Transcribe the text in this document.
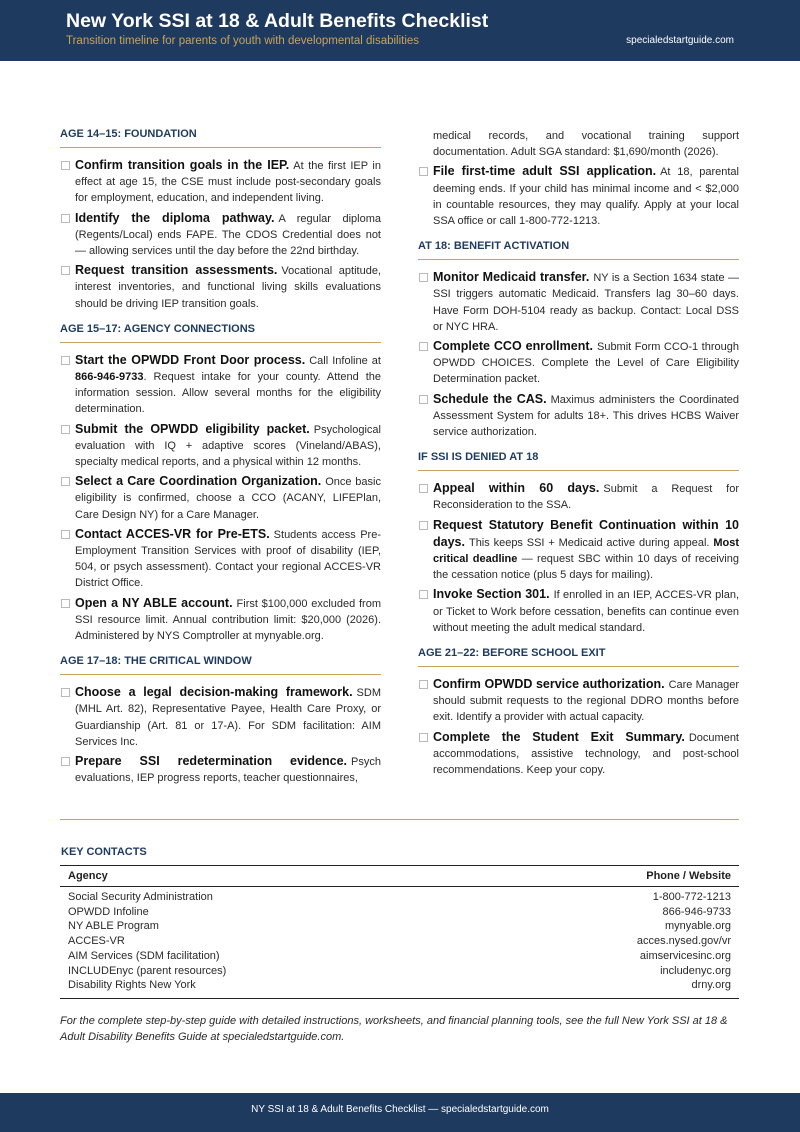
New York SSI at 18 & Adult Benefits Checklist
Transition timeline for parents of youth with developmental disabilities	specialedstartguide.com
AGE 14–15: FOUNDATION
Confirm transition goals in the IEP. At the first IEP in effect at age 15, the CSE must include post-secondary goals for employment, education, and independent living.
Identify the diploma pathway. A regular diploma (Regents/Local) ends FAPE. The CDOS Credential does not — allowing services until the day before the 22nd birthday.
Request transition assessments. Vocational aptitude, interest inventories, and functional living skills evaluations should be driving IEP transition goals.
AGE 15–17: AGENCY CONNECTIONS
Start the OPWDD Front Door process. Call Infoline at 866-946-9733. Request intake for your county. Attend the information session. Allow several months for the eligibility determination.
Submit the OPWDD eligibility packet. Psychological evaluation with IQ + adaptive scores (Vineland/ABAS), specialty medical reports, and a physical within 12 months.
Select a Care Coordination Organization. Once basic eligibility is confirmed, choose a CCO (ACANY, LIFEPlan, Care Design NY) for a Care Manager.
Contact ACCES-VR for Pre-ETS. Students access Pre-Employment Transition Services with proof of disability (IEP, 504, or psych assessment). Contact your regional ACCES-VR District Office.
Open a NY ABLE account. First $100,000 excluded from SSI resource limit. Annual contribution limit: $20,000 (2026). Administered by NYS Comptroller at mynyable.org.
AGE 17–18: THE CRITICAL WINDOW
Choose a legal decision-making framework. SDM (MHL Art. 82), Representative Payee, Health Care Proxy, or Guardianship (Art. 81 or 17-A). For SDM facilitation: AIM Services Inc.
Prepare SSI redetermination evidence. Psych evaluations, IEP progress reports, teacher questionnaires,
medical records, and vocational training support documentation. Adult SGA standard: $1,690/month (2026).
File first-time adult SSI application. At 18, parental deeming ends. If your child has minimal income and < $2,000 in countable resources, they may qualify. Apply at your local SSA office or call 1-800-772-1213.
AT 18: BENEFIT ACTIVATION
Monitor Medicaid transfer. NY is a Section 1634 state — SSI triggers automatic Medicaid. Transfers lag 30–60 days. Have Form DOH-5104 ready as backup. Contact: Local DSS or NYC HRA.
Complete CCO enrollment. Submit Form CCO-1 through OPWDD CHOICES. Complete the Level of Care Eligibility Determination packet.
Schedule the CAS. Maximus administers the Coordinated Assessment System for adults 18+. This drives HCBS Waiver service authorization.
IF SSI IS DENIED AT 18
Appeal within 60 days. Submit a Request for Reconsideration to the SSA.
Request Statutory Benefit Continuation within 10 days. This keeps SSI + Medicaid active during appeal. Most critical deadline — request SBC within 10 days of receiving the cessation notice (plus 5 days for mailing).
Invoke Section 301. If enrolled in an IEP, ACCES-VR plan, or Ticket to Work before cessation, benefits can continue even without meeting the adult medical standard.
AGE 21–22: BEFORE SCHOOL EXIT
Confirm OPWDD service authorization. Care Manager should submit requests to the regional DDRO months before exit. Identify a provider with actual capacity.
Complete the Student Exit Summary. Document accommodations, assistive technology, and post-school recommendations. Keep your copy.
KEY CONTACTS
Agency	Phone / Website
Social Security Administration	1-800-772-1213
OPWDD Infoline	866-946-9733
NY ABLE Program	mynyable.org
ACCES-VR	acces.nysed.gov/vr
AIM Services (SDM facilitation)	aimservicesinc.org
INCLUDEnyc (parent resources)	includenyc.org
Disability Rights New York	drny.org
For the complete step-by-step guide with detailed instructions, worksheets, and financial planning tools, see the full New York SSI at 18 & Adult Disability Benefits Guide at specialedstartguide.com.
NY SSI at 18 & Adult Benefits Checklist — specialedstartguide.com
